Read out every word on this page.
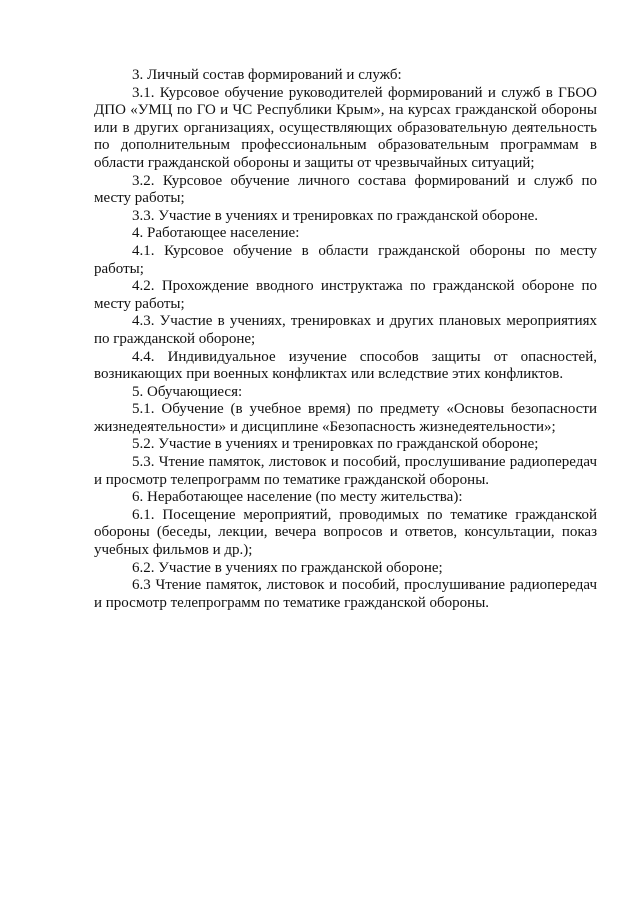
3. Личный состав формирований и служб:

3.1. Курсовое обучение руководителей формирований и служб в ГБОО ДПО «УМЦ по ГО и ЧС Республики Крым», на курсах гражданской обороны или в других организациях, осуществляющих образовательную деятельность по дополнительным профессиональным образовательным программам в области гражданской обороны и защиты от чрезвычайных ситуаций;

3.2. Курсовое обучение личного состава формирований и служб по месту работы;

3.3. Участие в учениях и тренировках по гражданской обороне.

4. Работающее население:

4.1. Курсовое обучение в области гражданской обороны по месту работы;

4.2. Прохождение вводного инструктажа по гражданской обороне по месту работы;

4.3. Участие в учениях, тренировках и других плановых мероприятиях по гражданской обороне;

4.4. Индивидуальное изучение способов защиты от опасностей, возникающих при военных конфликтах или вследствие этих конфликтов.

5. Обучающиеся:

5.1. Обучение (в учебное время) по предмету «Основы безопасности жизнедеятельности» и дисциплине «Безопасность жизнедеятельности»;

5.2. Участие в учениях и тренировках по гражданской обороне;

5.3. Чтение памяток, листовок и пособий, прослушивание радиопередач и просмотр телепрограмм по тематике гражданской обороны.

6. Неработающее население (по месту жительства):

6.1. Посещение мероприятий, проводимых по тематике гражданской обороны (беседы, лекции, вечера вопросов и ответов, консультации, показ учебных фильмов и др.);

6.2. Участие в учениях по гражданской обороне;

6.3 Чтение памяток, листовок и пособий, прослушивание радиопередач и просмотр телепрограмм по тематике гражданской обороны.
